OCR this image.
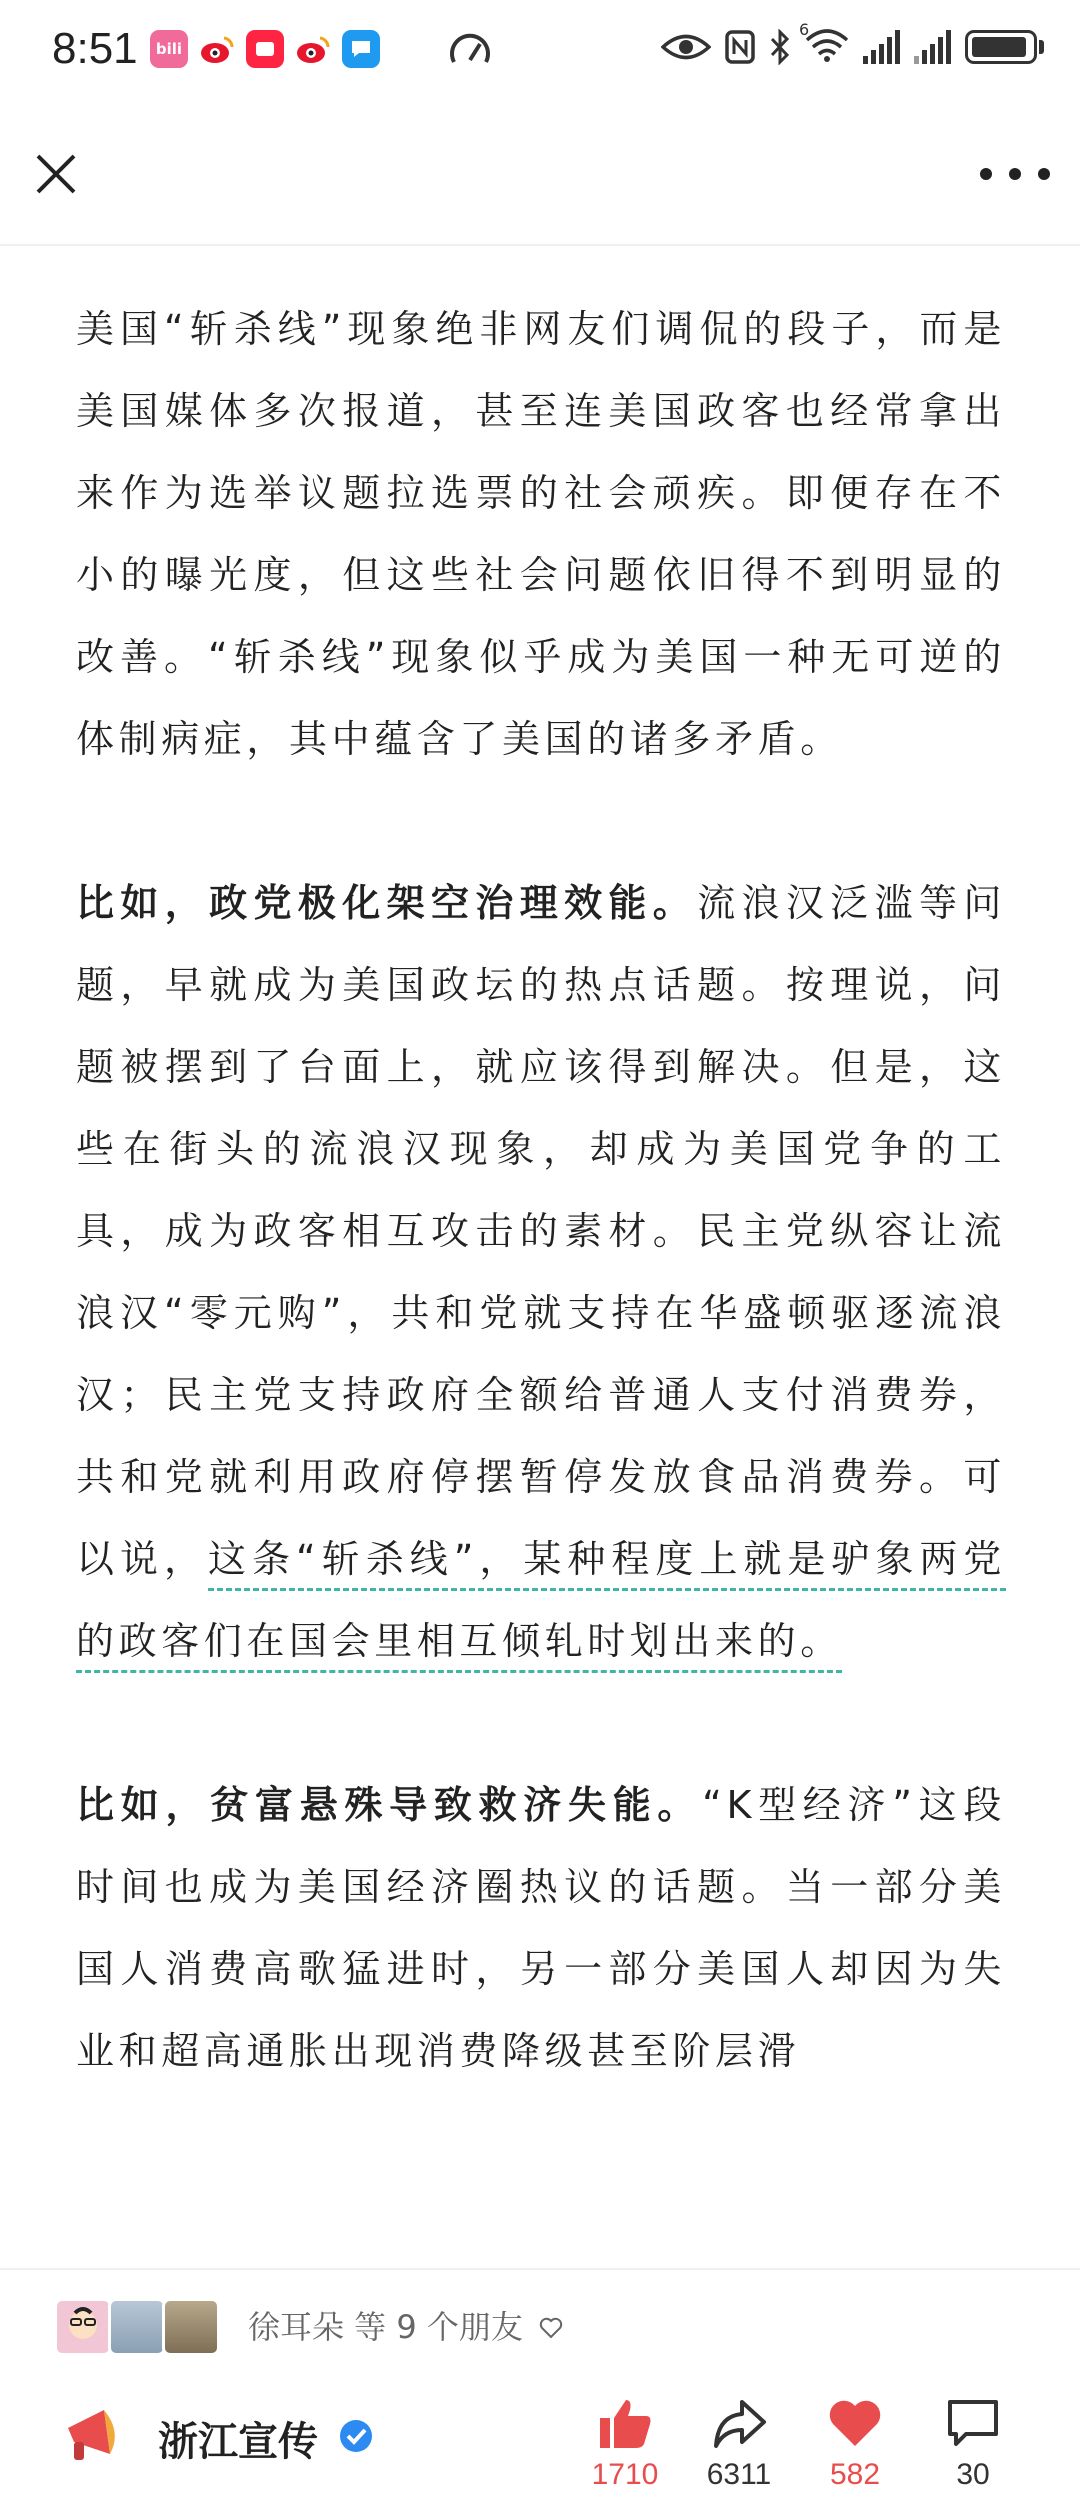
8:51	bili
6

美国“斩杀线”现象绝非网友们调侃的段子，而是美国媒体多次报道，甚至连美国政客也经常拿出来作为选举议题拉选票的社会顽疾。即便存在不小的曝光度，但这些社会问题依旧得不到明显的改善。“斩杀线”现象似乎成为美国一种无可逆的体制病症，其中蕴含了美国的诸多矛盾。

比如，政党极化架空治理效能。流浪汉泛滥等问题，早就成为美国政坛的热点话题。按理说，问题被摆到了台面上，就应该得到解决。但是，这些在街头的流浪汉现象，却成为美国党争的工具，成为政客相互攻击的素材。民主党纵容让流浪汉“零元购”，共和党就支持在华盛顿驱逐流浪汉；民主党支持政府全额给普通人支付消费券，共和党就利用政府停摆暂停发放食品消费券。可以说，这条“斩杀线”，某种程度上就是驴象两党的政客们在国会里相互倾轧时划出来的。

比如，贫富悬殊导致救济失能。“K型经济”这段时间也成为美国经济圈热议的话题。当一部分美国人消费高歌猛进时，另一部分美国人却因为失业和超高通胀出现消费降级甚至阶层滑

徐耳朵 等 9 个朋友
浙江宣传
1710	6311	582	30
